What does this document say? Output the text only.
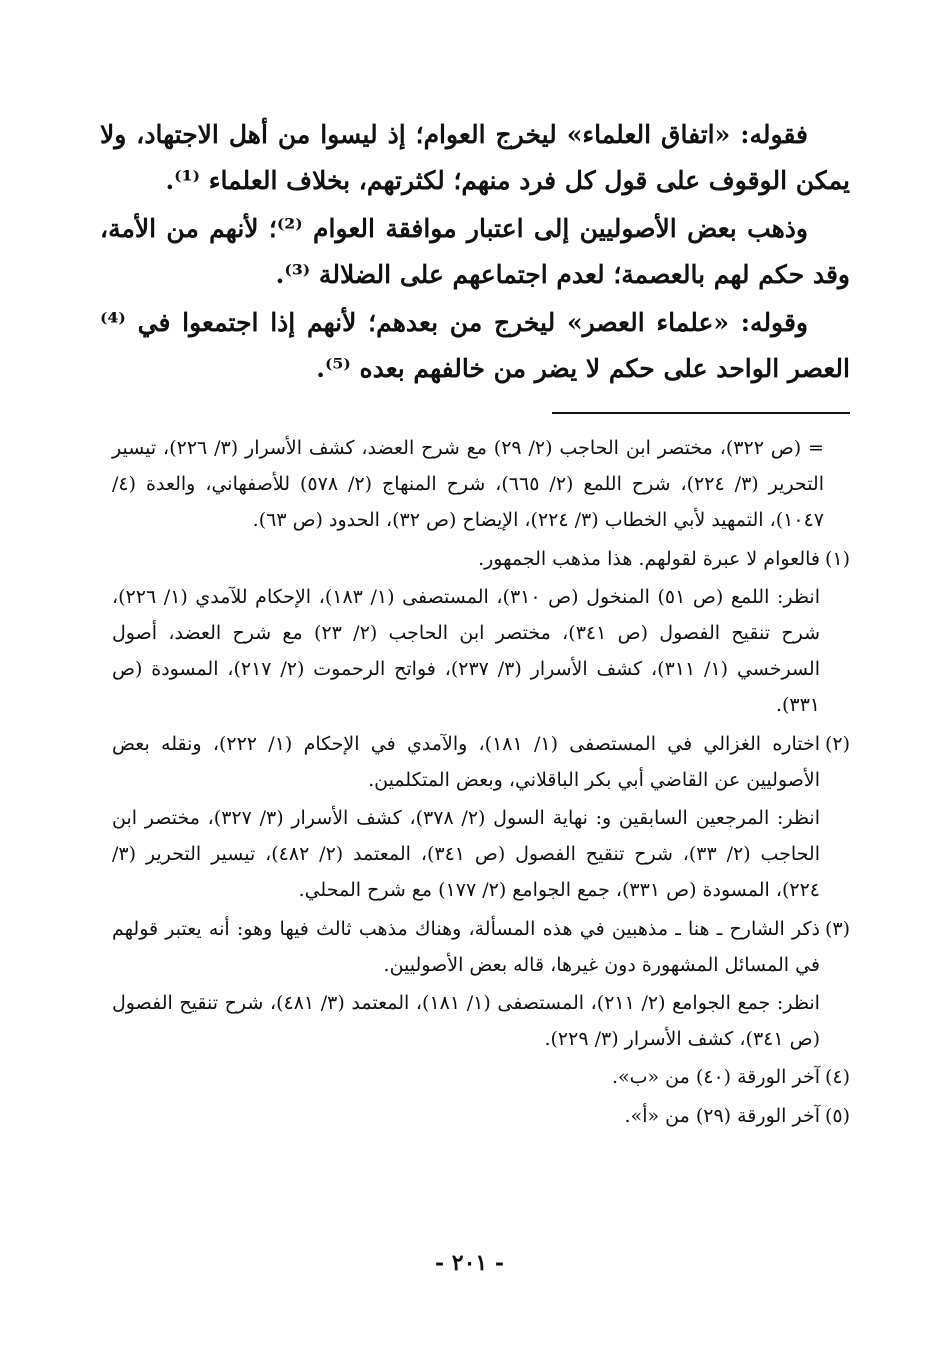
فقوله: «اتفاق العلماء» ليخرج العوام؛ إذ ليسوا من أهل الاجتهاد، ولا يمكن الوقوف على قول كل فرد منهم؛ لكثرتهم، بخلاف العلماء ⁽¹⁾.

وذهب بعض الأصوليين إلى اعتبار موافقة العوام ⁽²⁾؛ لأنهم من الأمة، وقد حكم لهم بالعصمة؛ لعدم اجتماعهم على الضلالة ⁽³⁾.

وقوله: «علماء العصر» ليخرج من بعدهم؛ لأنهم إذا اجتمعوا في ⁽⁴⁾ العصر الواحد على حكم لا يضر من خالفهم بعده ⁽⁵⁾.

= (ص ٣٢٢)، مختصر ابن الحاجب (٢/ ٢٩) مع شرح العضد، كشف الأسرار (٣/ ٢٢٦)، تيسير التحرير (٣/ ٢٢٤)، شرح اللمع (٢/ ٦٦٥)، شرح المنهاج (٢/ ٥٧٨) للأصفهاني، والعدة (٤/ ١٠٤٧)، التمهيد لأبي الخطاب (٣/ ٢٢٤)، الإيضاح (ص ٣٢)، الحدود (ص ٦٣).
(١)
فالعوام لا عبرة لقولهم. هذا مذهب الجمهور.
انظر: اللمع (ص ٥١) المنخول (ص ٣١٠)، المستصفى (١/ ١٨٣)، الإحكام للآمدي (١/ ٢٢٦)، شرح تنقيح الفصول (ص ٣٤١)، مختصر ابن الحاجب (٢/ ٢٣) مع شرح العضد، أصول السرخسي (١/ ٣١١)، كشف الأسرار (٣/ ٢٣٧)، فواتح الرحموت (٢/ ٢١٧)، المسودة (ص ٣٣١).
(٢)
اختاره الغزالي في المستصفى (١/ ١٨١)، والآمدي في الإحكام (١/ ٢٢٢)، ونقله بعض الأصوليين عن القاضي أبي بكر الباقلاني، وبعض المتكلمين.
انظر: المرجعين السابقين و: نهاية السول (٢/ ٣٧٨)، كشف الأسرار (٣/ ٣٢٧)، مختصر ابن الحاجب (٢/ ٣٣)، شرح تنقيح الفصول (ص ٣٤١)، المعتمد (٢/ ٤٨٢)، تيسير التحرير (٣/ ٢٢٤)، المسودة (ص ٣٣١)، جمع الجوامع (٢/ ١٧٧) مع شرح المحلي.
(٣)
ذكر الشارح ـ هنا ـ مذهبين في هذه المسألة، وهناك مذهب ثالث فيها وهو: أنه يعتبر قولهم في المسائل المشهورة دون غيرها، قاله بعض الأصوليين.
انظر: جمع الجوامع (٢/ ٢١١)، المستصفى (١/ ١٨١)، المعتمد (٣/ ٤٨١)، شرح تنقيح الفصول (ص ٣٤١)، كشف الأسرار (٣/ ٢٢٩).
(٤)
آخر الورقة (٤٠) من «ب».
(٥)
آخر الورقة (٢٩) من «أ».
- ٢٠١ -
